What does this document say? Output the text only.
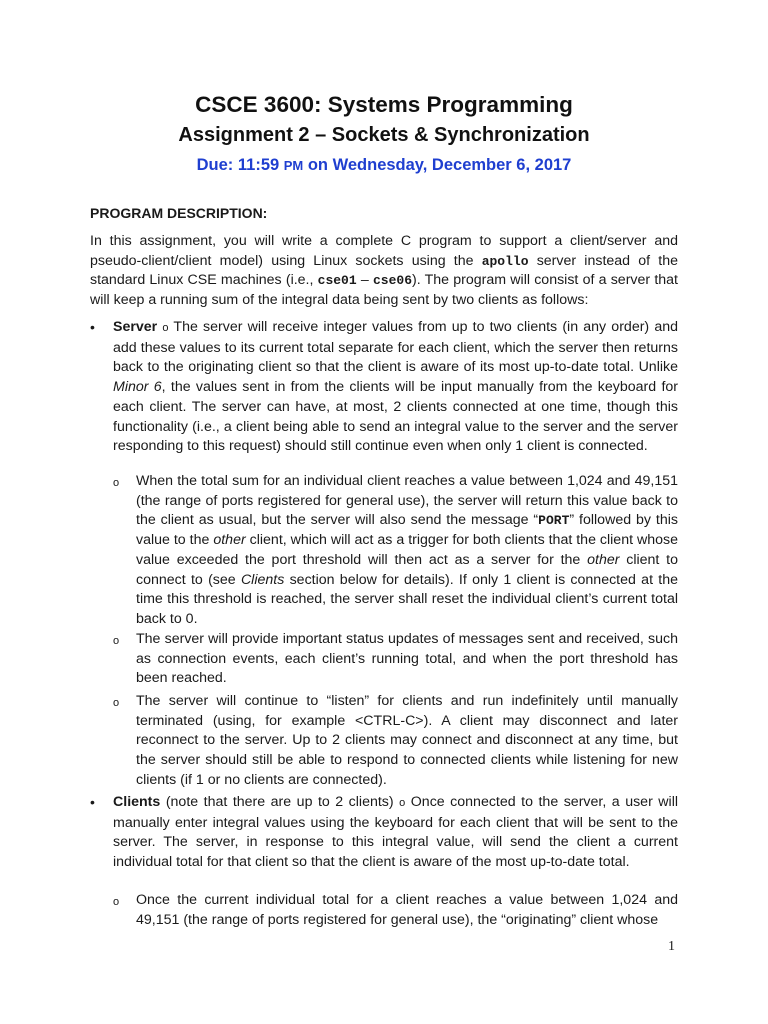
CSCE 3600: Systems Programming
Assignment 2 – Sockets & Synchronization
Due: 11:59 PM on Wednesday, December 6, 2017
PROGRAM DESCRIPTION:

In this assignment, you will write a complete C program to support a client/server and pseudo-client/client model) using Linux sockets using the apollo server instead of the standard Linux CSE machines (i.e., cse01 – cse06). The program will consist of a server that will keep a running sum of the integral data being sent by two clients as follows:

• Server o The server will receive integer values from up to two clients (in any order) and add these values to its current total separate for each client, which the server then returns back to the originating client so that the client is aware of its most up-to-date total. Unlike Minor 6, the values sent in from the clients will be input manually from the keyboard for each client. The server can have, at most, 2 clients connected at one time, though this functionality (i.e., a client being able to send an integral value to the server and the server responding to this request) should still continue even when only 1 client is connected.

o When the total sum for an individual client reaches a value between 1,024 and 49,151 (the range of ports registered for general use), the server will return this value back to the client as usual, but the server will also send the message “PORT” followed by this value to the other client, which will act as a trigger for both clients that the client whose value exceeded the port threshold will then act as a server for the other client to connect to (see Clients section below for details). If only 1 client is connected at the time this threshold is reached, the server shall reset the individual client’s current total back to 0.

o The server will provide important status updates of messages sent and received, such as connection events, each client’s running total, and when the port threshold has been reached.

o The server will continue to “listen” for clients and run indefinitely until manually terminated (using, for example <CTRL-C>). A client may disconnect and later reconnect to the server. Up to 2 clients may connect and disconnect at any time, but the server should still be able to respond to connected clients while listening for new clients (if 1 or no clients are connected).

• Clients (note that there are up to 2 clients) o Once connected to the server, a user will manually enter integral values using the keyboard for each client that will be sent to the server. The server, in response to this integral value, will send the client a current individual total for that client so that the client is aware of the most up-to-date total.

o Once the current individual total for a client reaches a value between 1,024 and 49,151 (the range of ports registered for general use), the “originating” client whose

1
